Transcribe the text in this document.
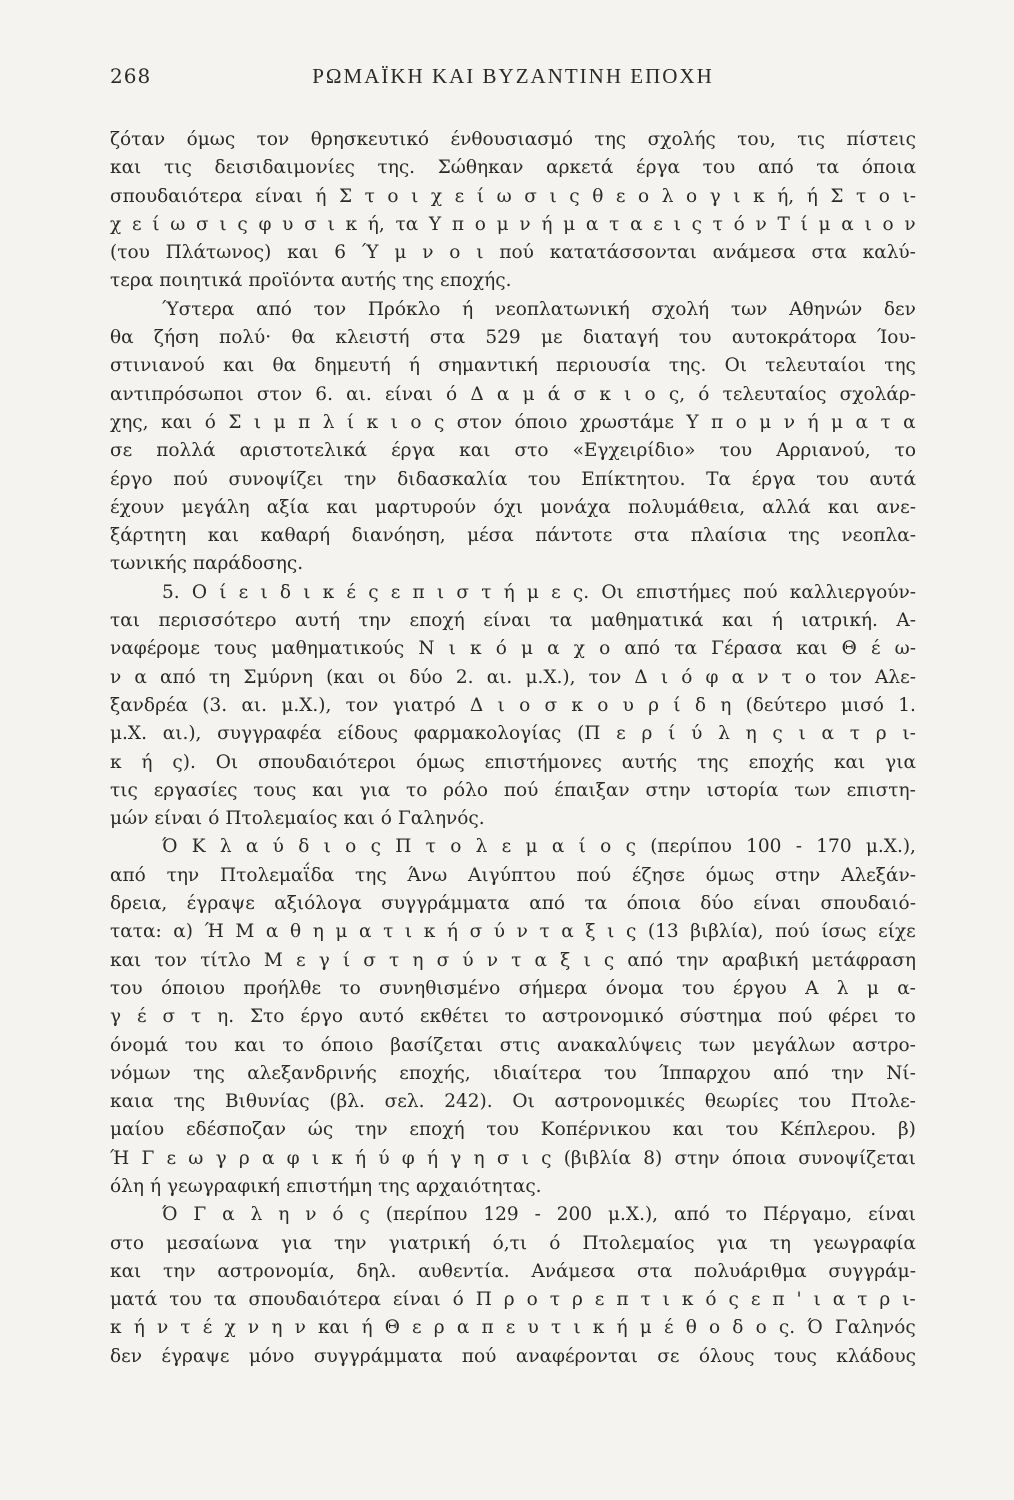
268	ΡΩΜΑΪΚΗ ΚΑΙ ΒΥΖΑΝΤΙΝΗ ΕΠΟΧΗ
ζόταν όμως τον θρησκευτικό ένθουσιασμό της σχολής του, τις πίστεις
και τις δεισιδαιμονίες της. Σώθηκαν αρκετά έργα του από τα όποια
σπουδαιότερα είναι ή Σ τ ο ι χ ε ί ω σ ι ς θ ε ο λ ο γ ι κ ή, ή Σ τ ο ι-
χ ε ί ω σ ι ς φ υ σ ι κ ή, τα Υ π ο μ ν ή μ α τ α ε ι ς τ ό ν Τ ί μ α ι ο ν
(του Πλάτωνος) και 6 Ύ μ ν ο ι πού κατατάσσονται ανάμεσα στα καλύ-
τερα ποιητικά προϊόντα αυτής της εποχής.
Ύστερα από τον Πρόκλο ή νεοπλατωνική σχολή των Αθηνών δεν
θα ζήση πολύ· θα κλειστή στα 529 με διαταγή του αυτοκράτορα Ίου-
στινιανού και θα δημευτή ή σημαντική περιουσία της. Οι τελευταίοι της
αντιπρόσωποι στον 6. αι. είναι ό Δ α μ ά σ κ ι ο ς, ό τελευταίος σχολάρ-
χης, και ό Σ ι μ π λ ί κ ι ο ς στον όποιο χρωστάμε Υ π ο μ ν ή μ α τ α
σε πολλά αριστοτελικά έργα και στο «Εγχειρίδιο» του Αρριανού, το
έργο πού συνοψίζει την διδασκαλία του Επίκτητου. Τα έργα του αυτά
έχουν μεγάλη αξία και μαρτυρούν όχι μονάχα πολυμάθεια, αλλά και ανε-
ξάρτητη και καθαρή διανόηση, μέσα πάντοτε στα πλαίσια της νεοπλα-
τωνικής παράδοσης.
5. Ο ί ε ι δ ι κ έ ς ε π ι σ τ ή μ ε ς. Οι επιστήμες πού καλλιεργούν-
ται περισσότερο αυτή την εποχή είναι τα μαθηματικά και ή ιατρική. Α-
ναφέρομε τους μαθηματικούς Ν ι κ ό μ α χ ο από τα Γέρασα και Θ έ ω-
ν α από τη Σμύρνη (και οι δύο 2. αι. μ.Χ.), τον Δ ι ό φ α ν τ ο τον Αλε-
ξανδρέα (3. αι. μ.Χ.), τον γιατρό Δ ι ο σ κ ο υ ρ ί δ η (δεύτερο μισό 1.
μ.Χ. αι.), συγγραφέα είδους φαρμακολογίας (Π ε ρ ί ύ λ η ς ι α τ ρ ι-
κ ή ς). Οι σπουδαιότεροι όμως επιστήμονες αυτής της εποχής και για
τις εργασίες τους και για το ρόλο πού έπαιξαν στην ιστορία των επιστη-
μών είναι ό Πτολεμαίος και ό Γαληνός.
Ό Κ λ α ύ δ ι ο ς Π τ ο λ ε μ α ί ο ς (περίπου 100 - 170 μ.Χ.),
από την Πτολεμαΐδα της Άνω Αιγύπτου πού έζησε όμως στην Αλεξάν-
δρεια, έγραψε αξιόλογα συγγράμματα από τα όποια δύο είναι σπουδαιό-
τατα: α) Ή Μ α θ η μ α τ ι κ ή σ ύ ν τ α ξ ι ς (13 βιβλία), πού ίσως είχε
και τον τίτλο Μ ε γ ί σ τ η σ ύ ν τ α ξ ι ς από την αραβική μετάφραση
του όποιου προήλθε το συνηθισμένο σήμερα όνομα του έργου Α λ μ α-
γ έ σ τ η. Στο έργο αυτό εκθέτει το αστρονομικό σύστημα πού φέρει το
όνομά του και το όποιο βασίζεται στις ανακαλύψεις των μεγάλων αστρο-
νόμων της αλεξανδρινής εποχής, ιδιαίτερα του Ίππαρχου από την Νί-
καια της Βιθυνίας (βλ. σελ. 242). Οι αστρονομικές θεωρίες του Πτολε-
μαίου εδέσποζαν ώς την εποχή του Κοπέρνικου και του Κέπλερου. β)
Ή Γ ε ω γ ρ α φ ι κ ή ύ φ ή γ η σ ι ς (βιβλία 8) στην όποια συνοψίζεται
όλη ή γεωγραφική επιστήμη της αρχαιότητας.
Ό Γ α λ η ν ό ς (περίπου 129 - 200 μ.Χ.), από το Πέργαμο, είναι
στο μεσαίωνα για την γιατρική ό,τι ό Πτολεμαίος για τη γεωγραφία
και την αστρονομία, δηλ. αυθεντία. Ανάμεσα στα πολυάριθμα συγγράμ-
ματά του τα σπουδαιότερα είναι ό Π ρ ο τ ρ ε π τ ι κ ό ς ε π ' ι α τ ρ ι-
κ ή ν τ έ χ ν η ν και ή Θ ε ρ α π ε υ τ ι κ ή μ έ θ ο δ ο ς. Ό Γαληνός
δεν έγραψε μόνο συγγράμματα πού αναφέρονται σε όλους τους κλάδους
